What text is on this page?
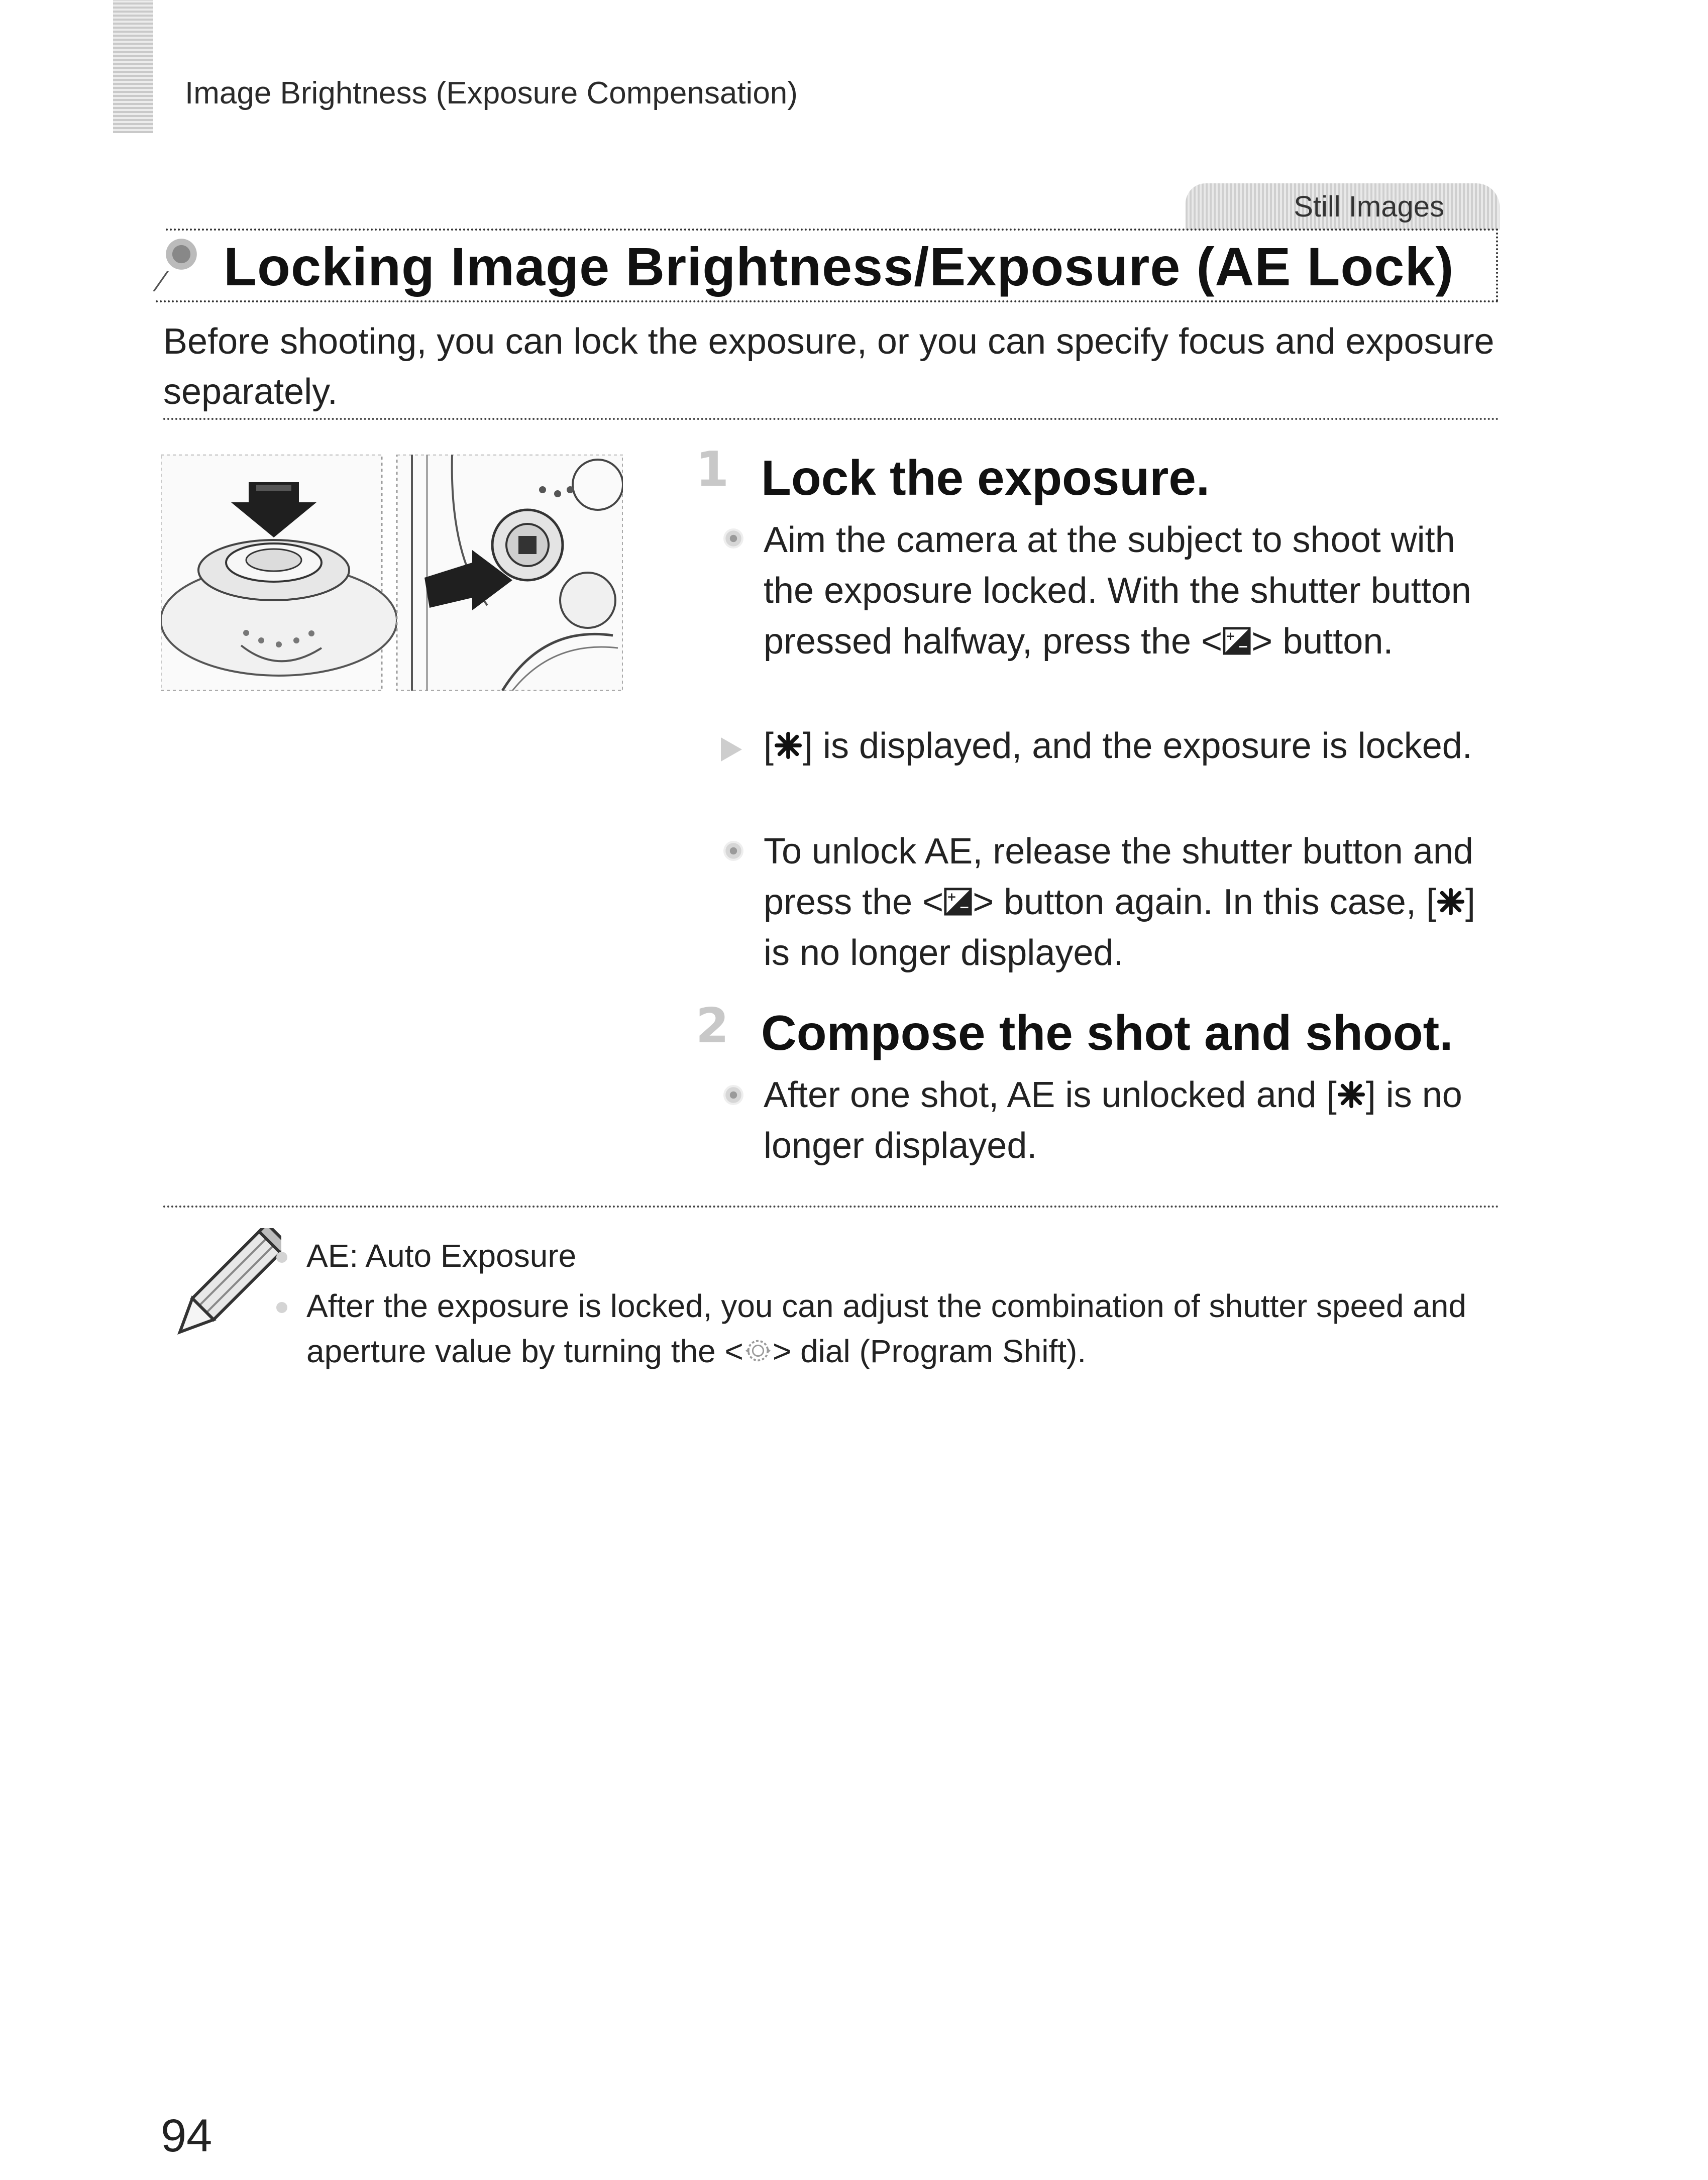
Image Brightness (Exposure Compensation)
Still Images
Locking Image Brightness/Exposure (AE Lock)
Before shooting, you can lock the exposure, or you can specify focus and exposure separately.
1 Lock the exposure.
Aim the camera at the subject to shoot with the exposure locked. With the shutter button pressed halfway, press the < +
− > button.
[ ] is displayed, and the exposure is locked.
To unlock AE, release the shutter button and press the < +
− > button again. In this case, [ ] is no longer displayed.
2 Compose the shot and shoot.
After one shot, AE is unlocked and [ ] is no longer displayed.
AE: Auto Exposure
After the exposure is locked, you can adjust the combination of shutter speed and aperture value by turning the < > dial (Program Shift).
94
